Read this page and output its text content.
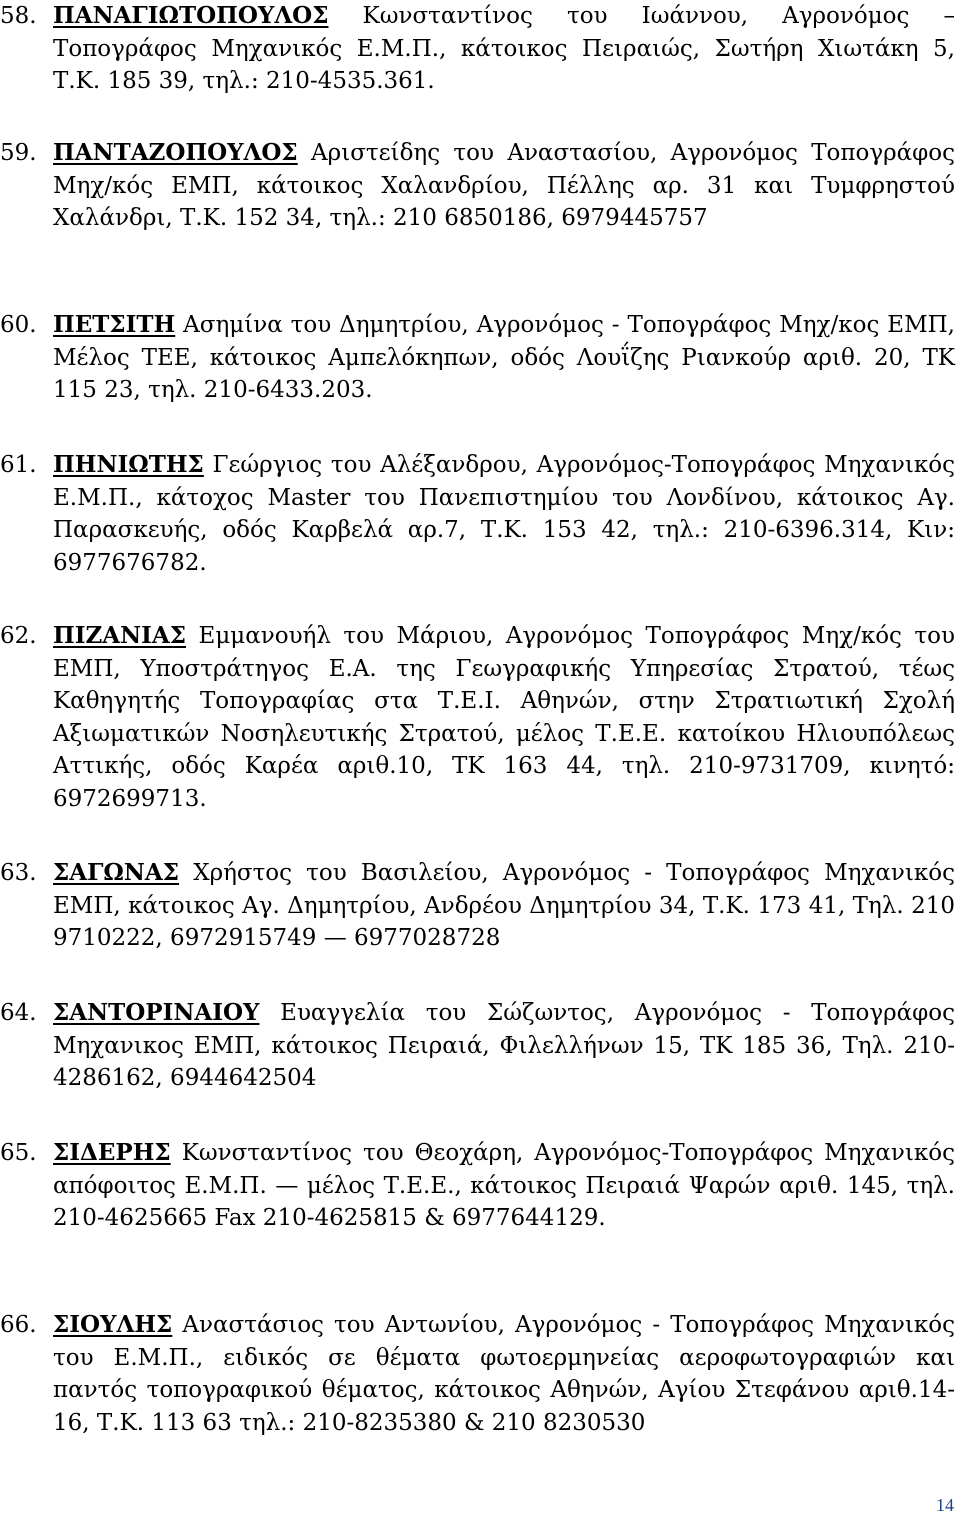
58. ΠΑΝΑΓΙΩΤΟΠΟΥΛΟΣ Κωνσταντίνος του Ιωάννου, Αγρονόμος – Τοπογράφος Μηχανικός Ε.Μ.Π., κάτοικος Πειραιώς, Σωτήρη Χιωτάκη 5, Τ.Κ. 185 39, τηλ.: 210-4535.361.
59. ΠΑΝΤΑΖΟΠΟΥΛΟΣ Αριστείδης του Αναστασίου, Αγρονόμος Τοπογράφος Μηχ/κός ΕΜΠ, κάτοικος Χαλανδρίου, Πέλλης αρ. 31 και Τυμφρηστού Χαλάνδρι, Τ.Κ. 152 34, τηλ.: 210 6850186, 6979445757
60. ΠΕΤΣΙΤΗ Ασημίνα του Δημητρίου, Αγρονόμος - Τοπογράφος Μηχ/κος ΕΜΠ, Μέλος ΤΕΕ, κάτοικος Αμπελόκηπων, οδός Λουΐζης Ριανκούρ αριθ. 20, ΤΚ 115 23, τηλ. 210-6433.203.
61. ΠΗΝΙΩΤΗΣ Γεώργιος του Αλέξανδρου, Αγρονόμος-Τοπογράφος Μηχανικός Ε.Μ.Π., κάτοχος Master του Πανεπιστημίου του Λονδίνου, κάτοικος Αγ. Παρασκευής, οδός Καρβελά αρ.7, Τ.Κ. 153 42, τηλ.: 210-6396.314, Κιν: 6977676782.
62. ΠΙΖΑΝΙΑΣ Εμμανουήλ του Μάριου, Αγρονόμος Τοπογράφος Μηχ/κός του ΕΜΠ, Υποστράτηγος Ε.Α. της Γεωγραφικής Υπηρεσίας Στρατού, τέως Καθηγητής Τοπογραφίας στα Τ.Ε.Ι. Αθηνών, στην Στρατιωτική Σχολή Αξιωματικών Νοσηλευτικής Στρατού, μέλος Τ.Ε.Ε. κατοίκου Ηλιουπόλεως Αττικής, οδός Καρέα αριθ.10, ΤΚ 163 44, τηλ. 210-9731709, κινητό: 6972699713.
63. ΣΑΓΩΝΑΣ Χρήστος του Βασιλείου, Αγρονόμος - Τοπογράφος Μηχανικός ΕΜΠ, κάτοικος Αγ. Δημητρίου, Ανδρέου Δημητρίου 34, Τ.Κ. 173 41, Τηλ. 210 9710222, 6972915749 — 6977028728
64. ΣΑΝΤΟΡΙΝΑΙΟΥ Ευαγγελία του Σώζωντος, Αγρονόμος - Τοπογράφος Μηχανικος ΕΜΠ, κάτοικος Πειραιά, Φιλελλήνων 15, ΤΚ 185 36, Τηλ. 210-4286162, 6944642504
65. ΣΙΔΕΡΗΣ Κωνσταντίνος του Θεοχάρη, Αγρονόμος-Τοπογράφος Μηχανικός απόφοιτος Ε.Μ.Π. — μέλος Τ.Ε.Ε., κάτοικος Πειραιά Ψαρών αριθ. 145, τηλ. 210-4625665 Fax 210-4625815 & 6977644129.
66. ΣΙΟΥΛΗΣ Αναστάσιος του Αντωνίου, Αγρονόμος - Τοπογράφος Μηχανικός του Ε.Μ.Π., ειδικός σε θέματα φωτοερμηνείας αεροφωτογραφιών και παντός τοπογραφικού θέματος, κάτοικος Αθηνών, Αγίου Στεφάνου αριθ.14-16, Τ.Κ. 113 63 τηλ.: 210-8235380 & 210 8230530
14
